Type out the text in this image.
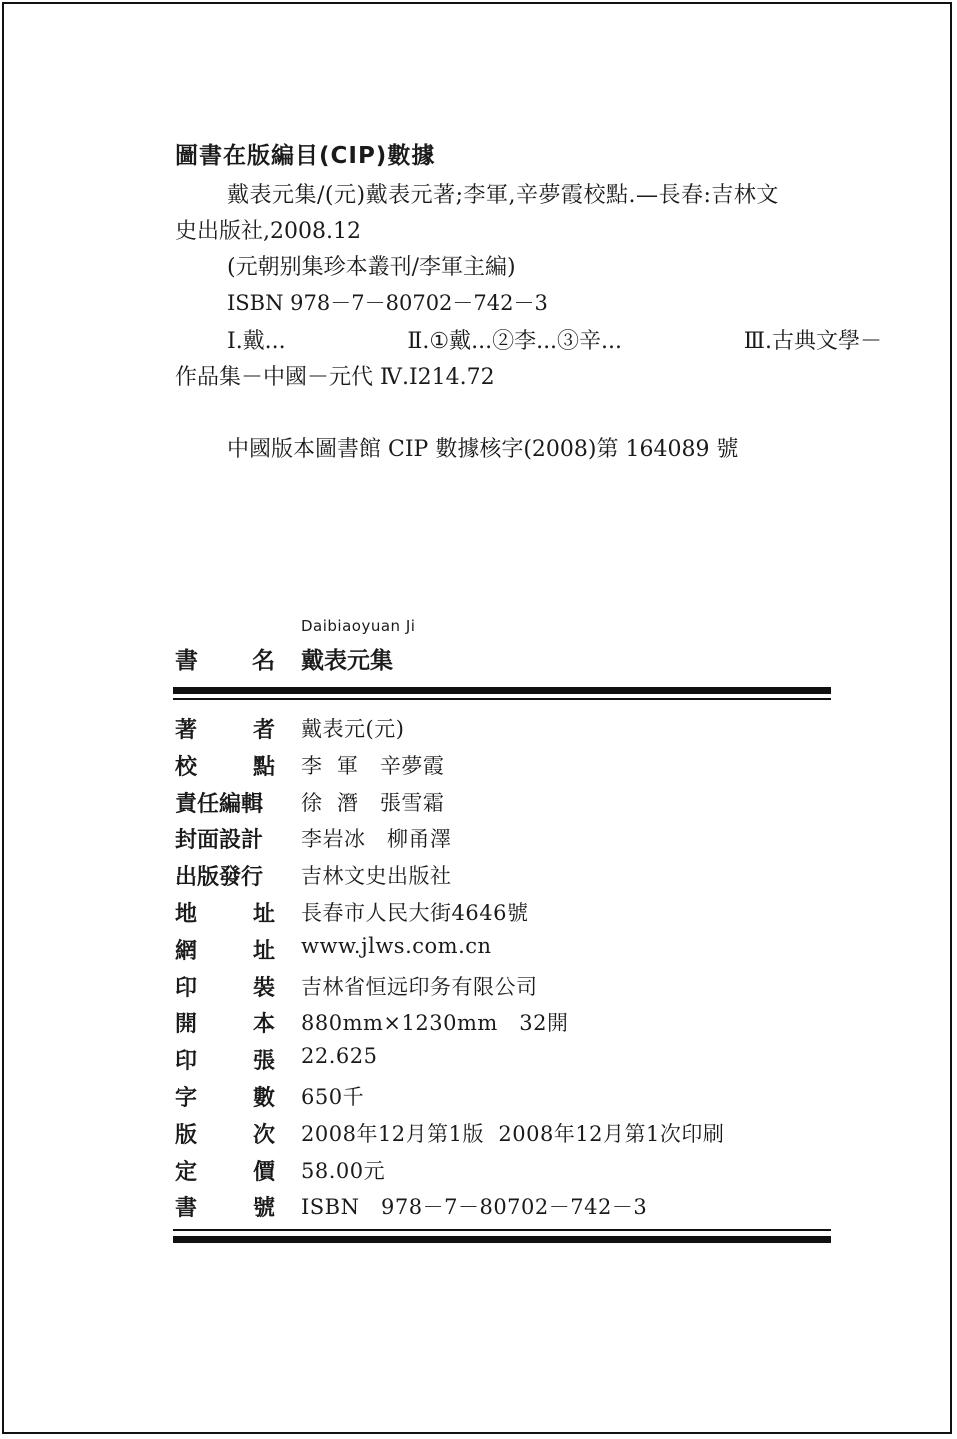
圖書在版編目(CIP)數據
戴表元集/(元)戴表元著;李軍,辛夢霞校點.—長春:吉林文
史出版社,2008.12
(元朝别集珍本叢刊/李軍主編)
ISBN 978－7－80702－742－3
Ⅰ.戴...	Ⅱ.①戴...②李...③辛...	Ⅲ.古典文學－
作品集－中國－元代 Ⅳ.I214.72
中國版本圖書館 CIP 數據核字(2008)第 164089 號
Daibiaoyuan Ji
書 名 戴表元集
著	者 戴表元(元)
校	點 李  軍   辛夢霞
責任編輯 徐  潛   張雪霜
封面設計 李岩冰   柳甬澤
出版發行 吉林文史出版社
地	址 長春市人民大街4646號
網	址 www.jlws.com.cn
印	裝 吉林省恒远印务有限公司
開	本 880mm×1230mm   32開
印	張 22.625
字	數 650千
版	次 2008年12月第1版  2008年12月第1次印刷
定	價 58.00元
書	號 ISBN   978－7－80702－742－3
